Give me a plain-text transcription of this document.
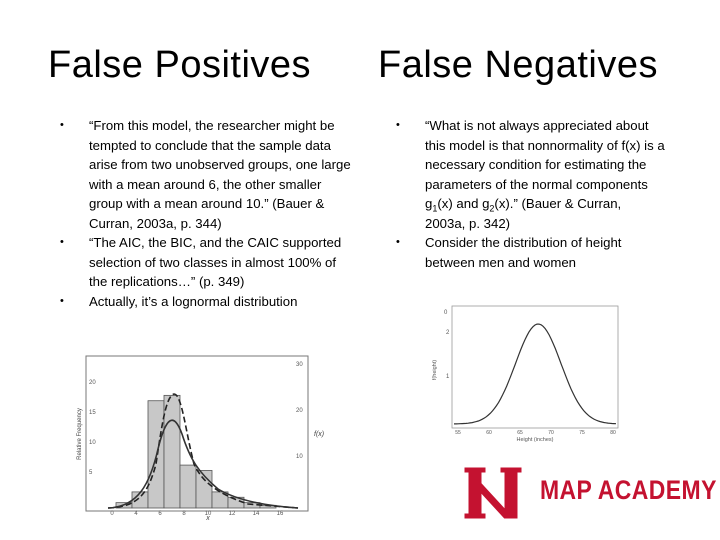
False Positives False Negatives
• “From this model, the researcher might be tempted to conclude that the sample data arise from two unobserved groups, one large with a mean around 6, the other smaller group with a mean around 10.” (Bauer & Curran, 2003a, p. 344)
• “The AIC, the BIC, and the CAIC supported selection of two classes in almost 100% of the replications…” (p. 349)
• Actually, it’s a lognormal distribution
• “What is not always appreciated about this model is that nonnormality of f(x) is a necessary condition for estimating the parameters of the normal components $g_1(x)$ and $g_2(x)$.” (Bauer & Curran, 2003a, p. 342)
• Consider the distribution of height between men and women
Relative Frequency
x
f(x)
20
15
10
5
30
20
10
0	4	6	8	10	12	14	16
0
f(height)
Height (inches)
2
1
55	60	65	70	75	80
MAP ACADEMY
